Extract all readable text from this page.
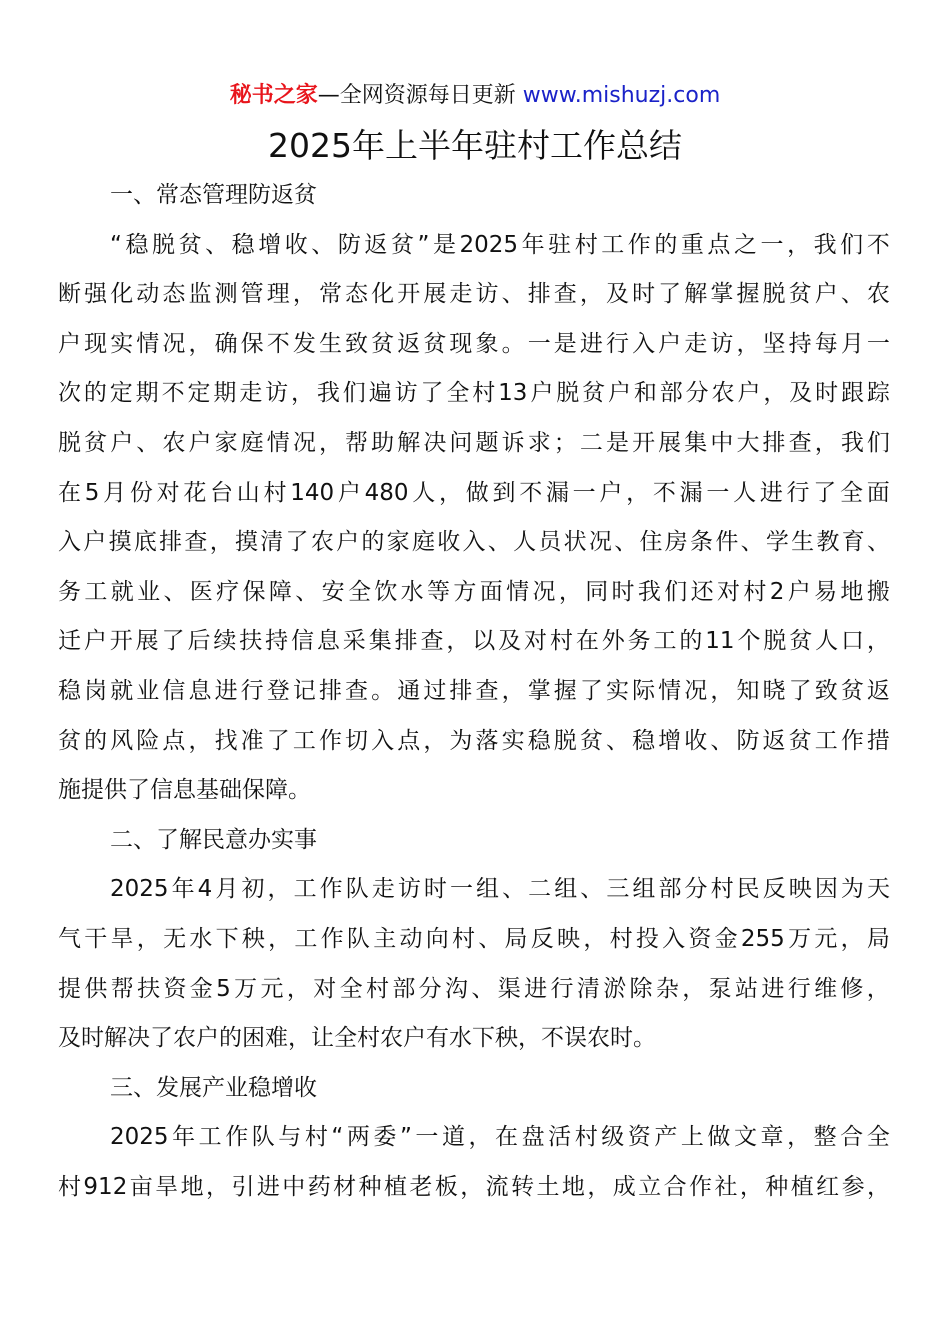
秘书之家—全网资源每日更新 www.mishuzj.com
2025年上半年驻村工作总结
一、常态管理防返贫
“ 稳 脱 贫 、 稳 增 收 、 防 返 贫 ” 是 2025 年 驻 村 工 作 的 重 点 之 一 ， 我 们 不
断 强 化 动 态 监 测 管 理 ， 常 态 化 开 展 走 访 、 排 查 ， 及 时 了 解 掌 握 脱 贫 户 、 农
户 现 实 情 况 ， 确 保 不 发 生 致 贫 返 贫 现 象 。 一 是 进 行 入 户 走 访 ， 坚 持 每 月 一
次 的 定 期 不 定 期 走 访 ， 我 们 遍 访 了 全 村 13 户 脱 贫 户 和 部 分 农 户 ， 及 时 跟 踪
脱 贫 户 、 农 户 家 庭 情 况 ， 帮 助 解 决 问 题 诉 求 ； 二 是 开 展 集 中 大 排 查 ， 我 们
在 5 月 份 对 花 台 山 村 140 户 480 人 ， 做 到 不 漏 一 户 ， 不 漏 一 人 进 行 了 全 面
入 户 摸 底 排 查 ， 摸 清 了 农 户 的 家 庭 收 入 、 人 员 状 况 、 住 房 条 件 、 学 生 教 育 、
务 工 就 业 、 医 疗 保 障 、 安 全 饮 水 等 方 面 情 况 ， 同 时 我 们 还 对 村 2 户 易 地 搬
迁 户 开 展 了 后 续 扶 持 信 息 采 集 排 查 ， 以 及 对 村 在 外 务 工 的 11 个 脱 贫 人 口 ，
稳 岗 就 业 信 息 进 行 登 记 排 查 。 通 过 排 查 ， 掌 握 了 实 际 情 况 ， 知 晓 了 致 贫 返
贫 的 风 险 点 ， 找 准 了 工 作 切 入 点 ， 为 落 实 稳 脱 贫 、 稳 增 收 、 防 返 贫 工 作 措
施提供了信息基础保障。
二、了解民意办实事
2025 年 4 月 初 ， 工 作 队 走 访 时 一 组 、 二 组 、 三 组 部 分 村 民 反 映 因 为 天
气 干 旱 ， 无 水 下 秧 ， 工 作 队 主 动 向 村 、 局 反 映 ， 村 投 入 资 金 255 万 元 ， 局
提 供 帮 扶 资 金 5 万 元 ， 对 全 村 部 分 沟 、 渠 进 行 清 淤 除 杂 ， 泵 站 进 行 维 修 ，
及时解决了农户的困难，让全村农户有水下秧，不误农时。
三、发展产业稳增收
2025 年 工 作 队 与 村 “ 两 委 ” 一 道 ， 在 盘 活 村 级 资 产 上 做 文 章 ， 整 合 全
村 912 亩 旱 地 ， 引 进 中 药 材 种 植 老 板 ， 流 转 土 地 ， 成 立 合 作 社 ， 种 植 红 参 ，
